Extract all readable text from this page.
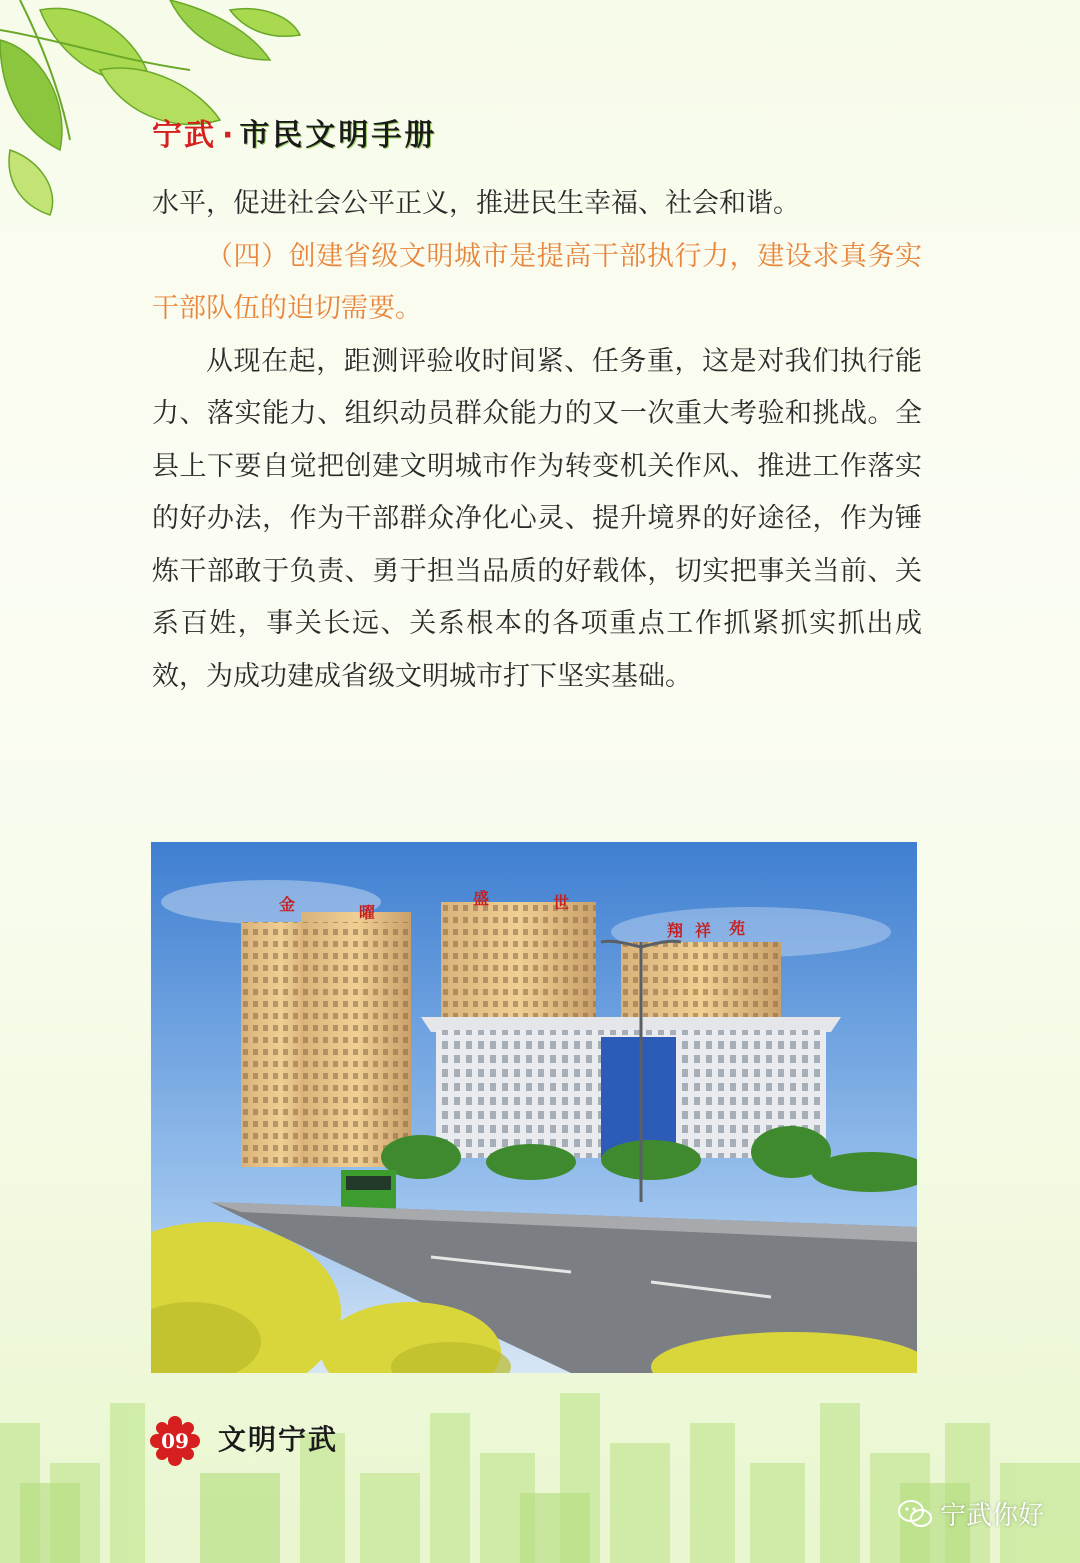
宁武 · 市民文明手册

水平，促进社会公平正义，推进民生幸福、社会和谐。

（四）创建省级文明城市是提高干部执行力，建设求真务实干部队伍的迫切需要。

从现在起，距测评验收时间紧、任务重，这是对我们执行能力、落实能力、组织动员群众能力的又一次重大考验和挑战。全县上下要自觉把创建文明城市作为转变机关作风、推进工作落实的好办法，作为干部群众净化心灵、提升境界的好途径，作为锤炼干部敢于负责、勇于担当品质的好载体，切实把事关当前、关系百姓，事关长远、关系根本的各项重点工作抓紧抓实抓出成效，为成功建成省级文明城市打下坚实基础。

金	曜
盛	世
翔 祥 苑
09	文明宁武
宁武你好
